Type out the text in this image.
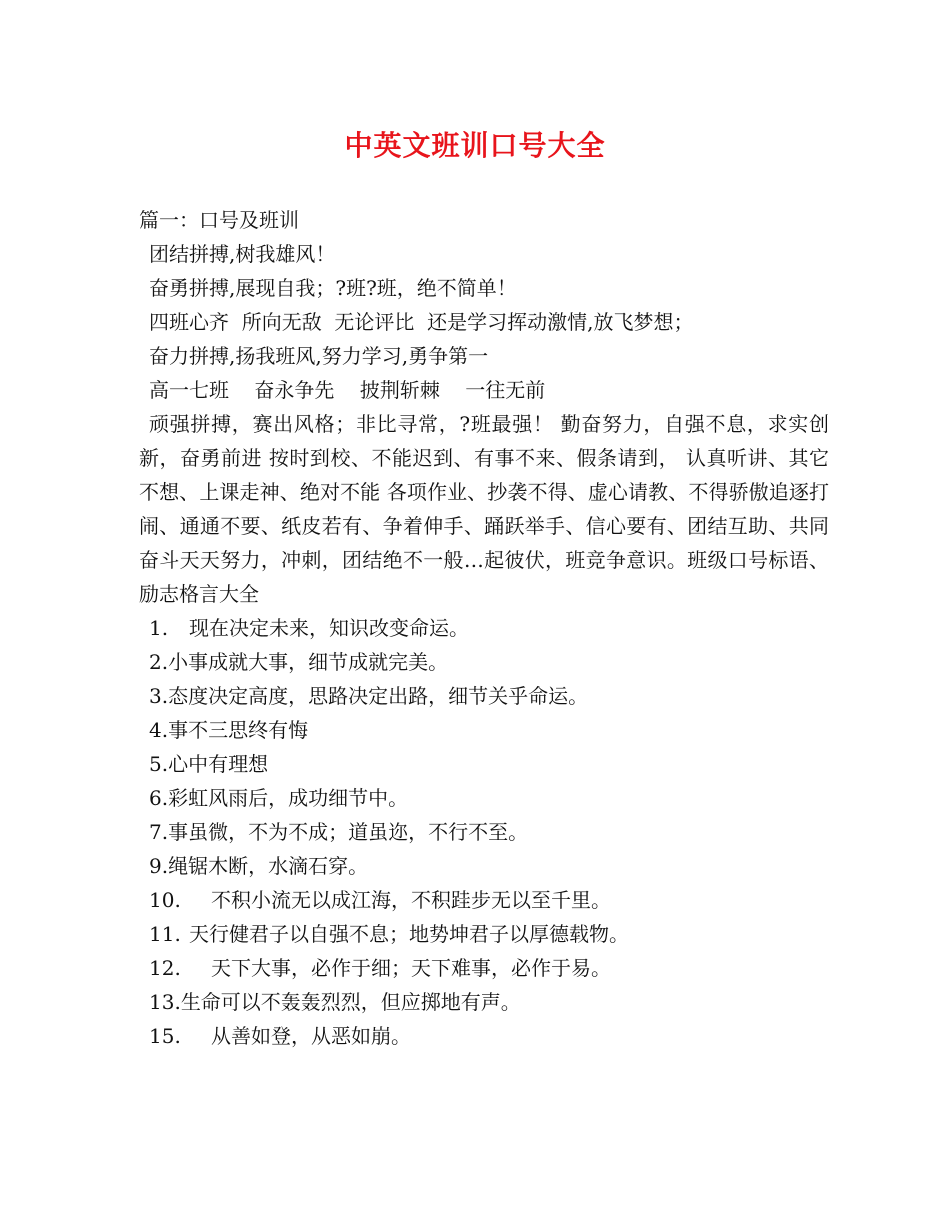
中英文班训口号大全
篇一：口号及班训
团结拼搏,树我雄风！
奋勇拼搏,展现自我；?班?班，绝不简单！
四班心齐  所向无敌  无论评比  还是学习挥动激情,放飞梦想；
奋力拼搏,扬我班风,努力学习,勇争第一
高一七班    奋永争先    披荆斩棘    一往无前
顽强拼搏，赛出风格；非比寻常，?班最强！ 勤奋努力，自强不息，求实创新，奋勇前进 按时到校、不能迟到、有事不来、假条请到， 认真听讲、其它不想、上课走神、绝对不能 各项作业、抄袭不得、虚心请教、不得骄傲追逐打闹、通通不要、纸皮若有、争着伸手、踊跃举手、信心要有、团结互助、共同奋斗天天努力，冲刺，团结绝不一般…起彼伏，班竞争意识。班级口号标语、励志格言大全
1. 现在决定未来，知识改变命运。
2.小事成就大事，细节成就完美。
3.态度决定高度，思路决定出路，细节关乎命运。
4.事不三思终有悔
5.心中有理想
6.彩虹风雨后，成功细节中。
7.事虽微，不为不成；道虽迩，不行不至。
9.绳锯木断，水滴石穿。
10. 不积小流无以成江海，不积跬步无以至千里。
11. 天行健君子以自强不息；地势坤君子以厚德载物。
12. 天下大事，必作于细；天下难事，必作于易。
13.生命可以不轰轰烈烈，但应掷地有声。
15. 从善如登，从恶如崩。
